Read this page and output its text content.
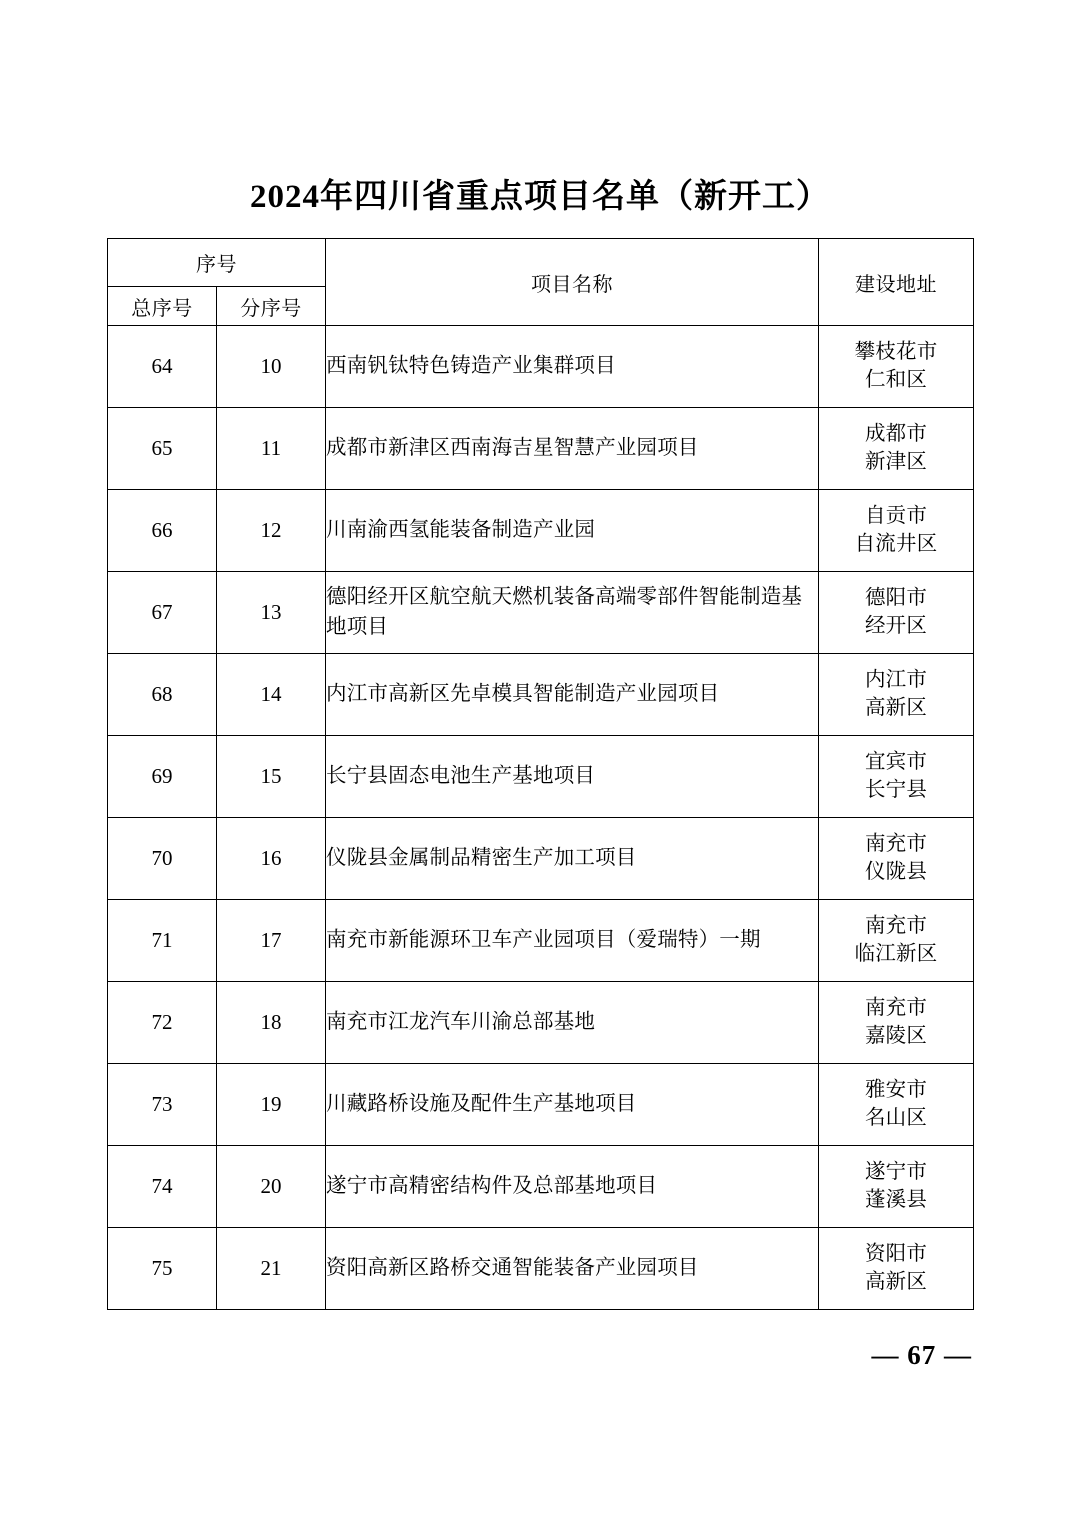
2024年四川省重点项目名单（新开工）
序号		项目名称	建设地址
总序号	分序号		
64	10	西南钒钛特色铸造产业集群项目	攀枝花市
仁和区

65	11	成都市新津区西南海吉星智慧产业园项目	成都市
新津区

66	12	川南渝西氢能装备制造产业园	自贡市
自流井区

67	13	德阳经开区航空航天燃机装备高端零部件智能制造基地项目	德阳市
经开区

68	14	内江市高新区先卓模具智能制造产业园项目	内江市
高新区

69	15	长宁县固态电池生产基地项目	宜宾市
长宁县

70	16	仪陇县金属制品精密生产加工项目	南充市
仪陇县

71	17	南充市新能源环卫车产业园项目（爱瑞特）一期	南充市
临江新区

72	18	南充市江龙汽车川渝总部基地	南充市
嘉陵区

73	19	川藏路桥设施及配件生产基地项目	雅安市
名山区

74	20	遂宁市高精密结构件及总部基地项目	遂宁市
蓬溪县

75	21	资阳高新区路桥交通智能装备产业园项目	资阳市
高新区
— 67 —
